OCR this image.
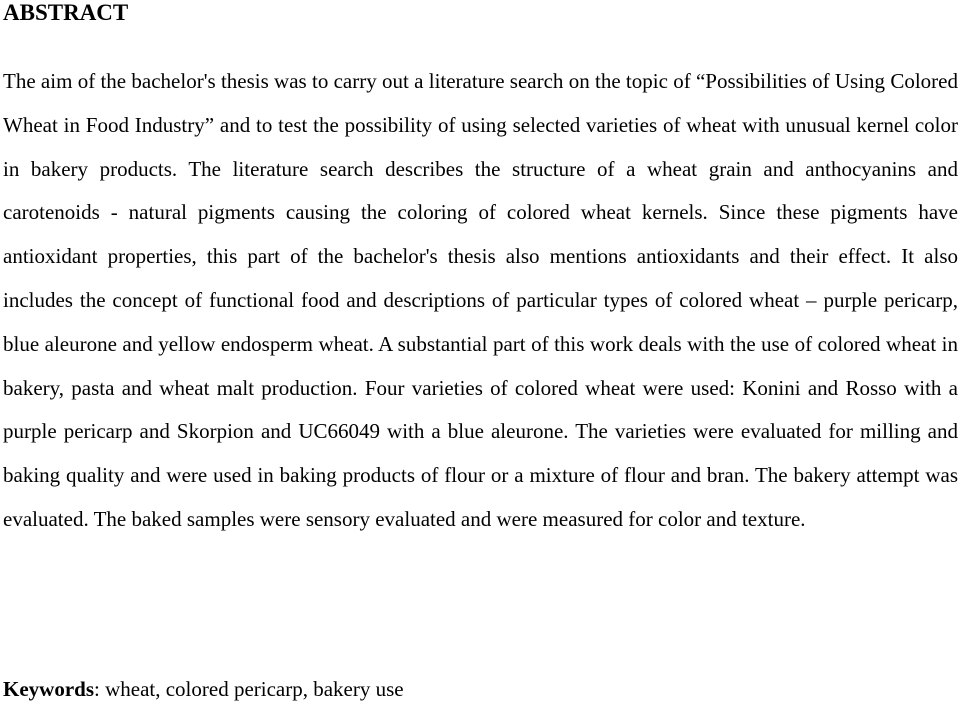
ABSTRACT

The aim of the bachelor's thesis was to carry out a literature search on the topic of “Possibilities of Using Colored Wheat in Food Industry” and to test the possibility of using selected varieties of wheat with unusual kernel color in bakery products. The literature search describes the structure of a wheat grain and anthocyanins and carotenoids - natural pigments causing the coloring of colored wheat kernels. Since these pigments have antioxidant properties, this part of the bachelor's thesis also mentions antioxidants and their effect. It also includes the concept of functional food and descriptions of particular types of colored wheat – purple pericarp, blue aleurone and yellow endosperm wheat. A substantial part of this work deals with the use of colored wheat in bakery, pasta and wheat malt production. Four varieties of colored wheat were used: Konini and Rosso with a purple pericarp and Skorpion and UC66049 with a blue aleurone. The varieties were evaluated for milling and baking quality and were used in baking products of flour or a mixture of flour and bran. The bakery attempt was evaluated. The baked samples were sensory evaluated and were measured for color and texture.

Keywords: wheat, colored pericarp, bakery use
